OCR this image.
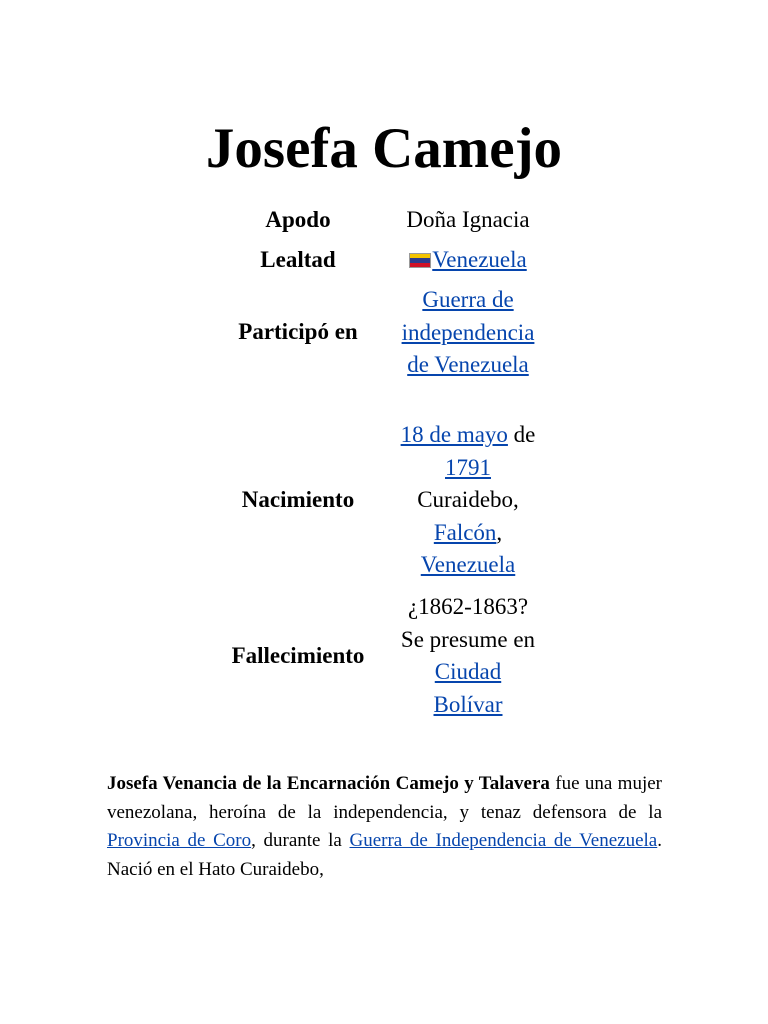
Josefa Camejo
Apodo	Doña Ignacia
Lealtad	Venezuela
Participó en
Guerra de
independencia
de Venezuela
Nacimiento
18 de mayo de
1791
Curaidebo,
Falcón,
Venezuela
Fallecimiento
¿1862-1863?
Se presume en
Ciudad
Bolívar

Josefa Venancia de la Encarnación Camejo y Talavera fue una mujer venezolana, heroína de la independencia, y tenaz defensora de la Provincia de Coro, durante la Guerra de Independencia de Venezuela. Nació en el Hato Curaidebo,
